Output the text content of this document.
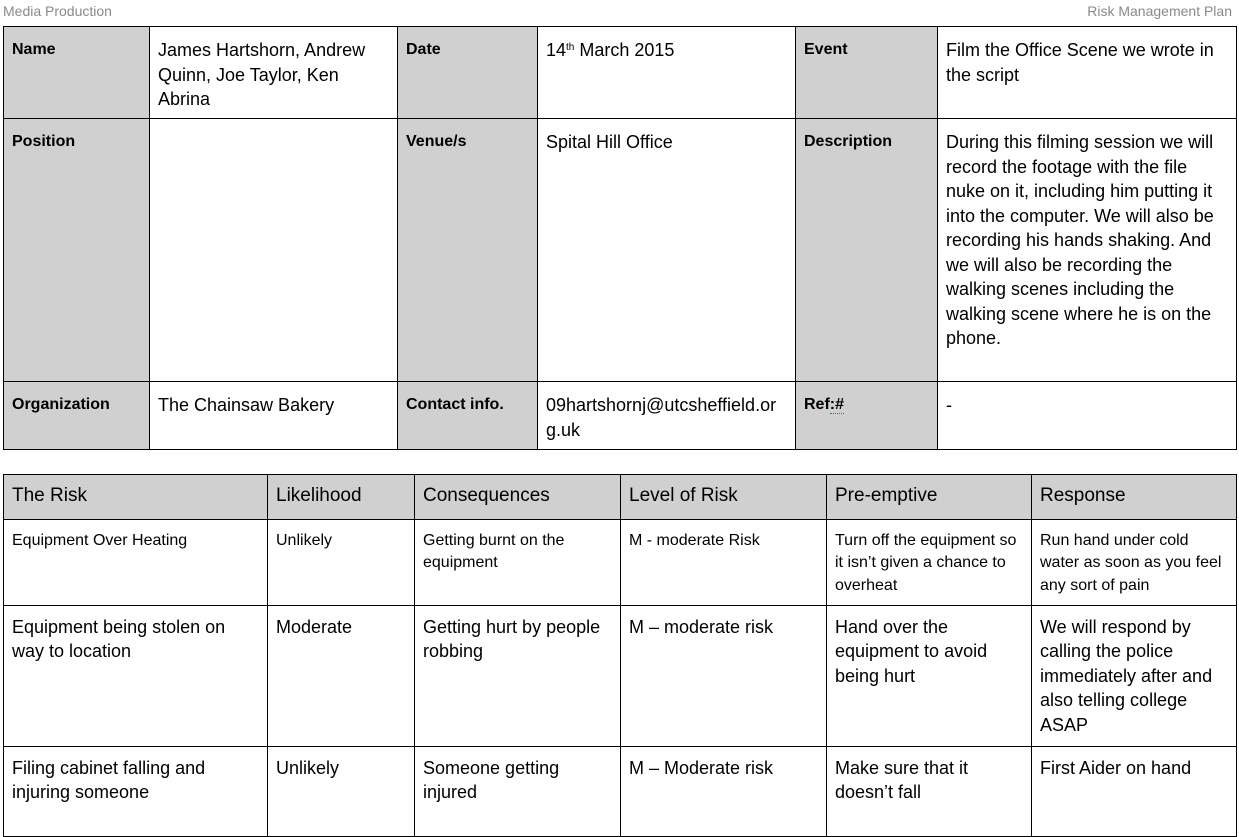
Media Production	Risk Management Plan
Name	James Hartshorn, Andrew Quinn, Joe Taylor, Ken Abrina	Date	14th March 2015	Event	Film the Office Scene we wrote in the script
Position		Venue/s	Spital Hill Office	Description	During this filming session we will record the footage with the file nuke on it, including him putting it into the computer. We will also be recording his hands shaking. And we will also be recording the walking scenes including the walking scene where he is on the phone.
Organization	The Chainsaw Bakery	Contact info.	09hartshornj@utcsheffield.org.uk	Ref:#	-
The Risk	Likelihood	Consequences	Level of Risk	Pre-emptive	Response
Equipment Over Heating	Unlikely	Getting burnt on the equipment	M - moderate Risk	Turn off the equipment so it isn’t given a chance to overheat	Run hand under cold water as soon as you feel any sort of pain
Equipment being stolen on way to location	Moderate	Getting hurt by people robbing	M – moderate risk	Hand over the equipment to avoid being hurt	We will respond by calling the police immediately after and also telling college ASAP
Filing cabinet falling and injuring someone	Unlikely	Someone getting injured	M – Moderate risk	Make sure that it doesn’t fall	First Aider on hand
